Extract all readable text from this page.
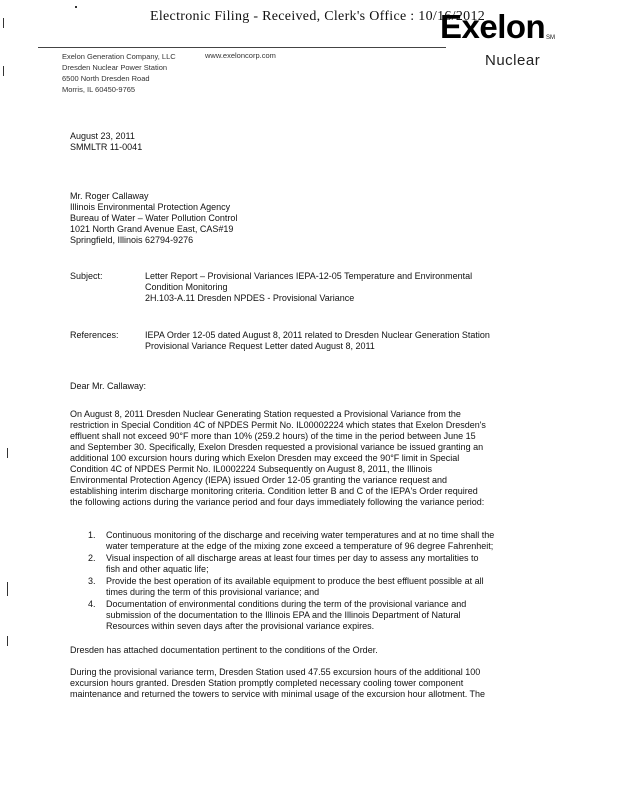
Electronic Filing - Received, Clerk's Office : 10/16/2012
Exelon SM
Nuclear
Exelon Generation Company, LLC
Dresden Nuclear Power Station
6500 North Dresden Road
Morris, IL 60450-9765
www.exeloncorp.com
August 23, 2011
SMMLTR 11-0041
Mr. Roger Callaway
Illinois Environmental Protection Agency
Bureau of Water – Water Pollution Control
1021 North Grand Avenue East, CAS#19
Springfield, Illinois 62794-9276
Subject:	Letter Report – Provisional Variances IEPA-12-05 Temperature and Environmental
Condition Monitoring
2H.103-A.11 Dresden NPDES - Provisional Variance
References:	IEPA Order 12-05 dated August 8, 2011 related to Dresden Nuclear Generation Station
Provisional Variance Request Letter dated August 8, 2011
Dear Mr. Callaway:
On August 8, 2011 Dresden Nuclear Generating Station requested a Provisional Variance from the
restriction in Special Condition 4C of NPDES Permit No. IL00002224 which states that Exelon Dresden's
effluent shall not exceed 90°F more than 10% (259.2 hours) of the time in the period between June 15
and September 30. Specifically, Exelon Dresden requested a provisional variance be issued granting an
additional 100 excursion hours during which Exelon Dresden may exceed the 90°F limit in Special
Condition 4C of NPDES Permit No. IL0002224 Subsequently on August 8, 2011, the Illinois
Environmental Protection Agency (IEPA) issued Order 12-05 granting the variance request and
establishing interim discharge monitoring criteria. Condition letter B and C of the IEPA's Order required
the following actions during the variance period and four days immediately following the variance period:
1. Continuous monitoring of the discharge and receiving water temperatures and at no time shall the
water temperature at the edge of the mixing zone exceed a temperature of 96 degree Fahrenheit;
2. Visual inspection of all discharge areas at least four times per day to assess any mortalities to
fish and other aquatic life;
3. Provide the best operation of its available equipment to produce the best effluent possible at all
times during the term of this provisional variance; and
4. Documentation of environmental conditions during the term of the provisional variance and
submission of the documentation to the Illinois EPA and the Illinois Department of Natural
Resources within seven days after the provisional variance expires.
Dresden has attached documentation pertinent to the conditions of the Order.
During the provisional variance term, Dresden Station used 47.55 excursion hours of the additional 100
excursion hours granted. Dresden Station promptly completed necessary cooling tower component
maintenance and returned the towers to service with minimal usage of the excursion hour allotment. The
